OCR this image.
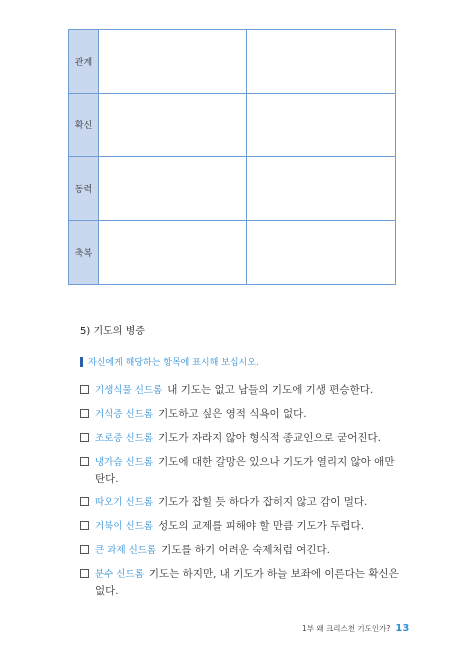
관계
확신
동력
축복
5) 기도의 병증
자신에게 해당하는 항목에 표시해 보십시오.
기생식물 신드롬 내 기도는 없고 남들의 기도에 기생 편승한다.
거식증 신드롬 기도하고 싶은 영적 식욕이 없다.
조로증 신드롬 기도가 자라지 않아 형식적 종교인으로 굳어진다.
냉가슴 신드롬 기도에 대한 갈망은 있으나 기도가 열리지 않아 애만
탄다.
따오기 신드롬 기도가 잡힐 듯 하다가 잡히지 않고 감이 멀다.
거북이 신드롬 성도의 교제를 피해야 할 만큼 기도가 두렵다.
큰 과제 신드롬 기도를 하기 어려운 숙제처럼 여긴다.
분수 신드롬 기도는 하지만, 내 기도가 하늘 보좌에 이른다는 확신은
없다.
1부 왜 크리스천 기도인가? 13
